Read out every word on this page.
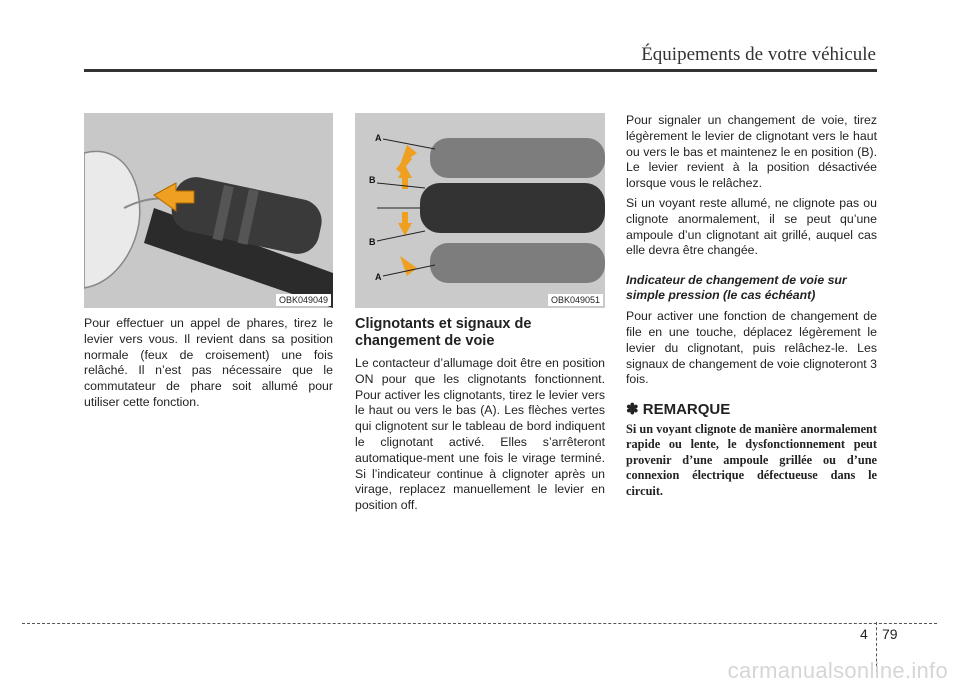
Équipements de votre véhicule
OBK049049
A
B
B
A
OBK049051

Pour effectuer un appel de phares, tirez le levier vers vous. Il revient dans sa position normale (feux de croisement) une fois relâché. Il n’est pas nécessaire que le commutateur de phare soit allumé pour utiliser cette fonction.

Clignotants et signaux de changement de voie

Le contacteur d’allumage doit être en position ON pour que les clignotants fonctionnent. Pour activer les clignotants, tirez le levier vers le haut ou vers le bas (A). Les flèches vertes qui clignotent sur le tableau de bord indiquent le clignotant activé. Elles s’arrêteront automatique-ment une fois le virage terminé. Si l’indicateur continue à clignoter après un virage, replacez manuellement le levier en position off.

Pour signaler un changement de voie, tirez légèrement le levier de clignotant vers le haut ou vers le bas et maintenez le en position (B). Le levier revient à la position désactivée lorsque vous le relâchez.

Si un voyant reste allumé, ne clignote pas ou clignote anormalement, il se peut qu’une ampoule d’un clignotant ait grillé, auquel cas elle devra être changée.

Indicateur de changement de voie sur simple pression (le cas échéant)

Pour activer une fonction de changement de file en une touche, déplacez légèrement le levier du clignotant, puis relâchez-le. Les signaux de changement de voie clignoteront 3 fois.

✽ REMARQUE

Si un voyant clignote de manière anormalement rapide ou lente, le dysfonctionnement peut provenir d’une ampoule grillée ou d’une connexion électrique défectueuse dans le circuit.

4 79
carmanualsonline.info
